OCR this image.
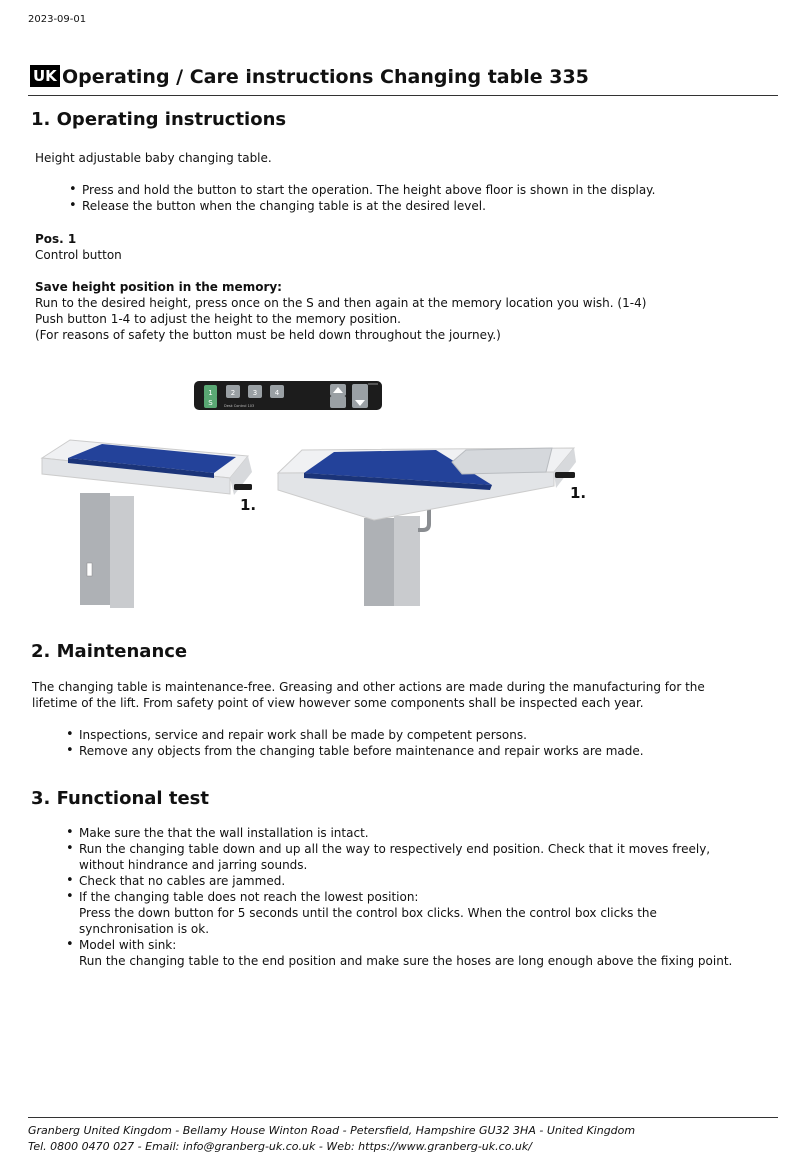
2023-09-01
UK Operating / Care instructions Changing table 335
1. Operating instructions
Height adjustable baby changing table.
• Press and hold the button to start the operation. The height above floor is shown in the display.
• Release the button when the changing table is at the desired level.
Pos. 1
Control button
Save height position in the memory:
Run to the desired height, press once on the S and then again at the memory location you wish. (1-4)
Push button 1-4 to adjust the height to the memory position.
(For reasons of safety the button must be held down throughout the journey.)
1
S
2	3	4
Desk Control 103
1.
1.
2. Maintenance
The changing table is maintenance-free. Greasing and other actions are made during the manufacturing for the
lifetime of the lift. From safety point of view however some components shall be inspected each year.
• Inspections, service and repair work shall be made by competent persons.
• Remove any objects from the changing table before maintenance and repair works are made.
3. Functional test
• Make sure the that the wall installation is intact.
• Run the changing table down and up all the way to respectively end position. Check that it moves freely,
without hindrance and jarring sounds.
• Check that no cables are jammed.
• If the changing table does not reach the lowest position:
Press the down button for 5 seconds until the control box clicks. When the control box clicks the
synchronisation is ok.
• Model with sink:
Run the changing table to the end position and make sure the hoses are long enough above the fixing point.
Granberg United Kingdom - Bellamy House Winton Road - Petersfield, Hampshire GU32 3HA - United Kingdom
Tel. 0800 0470 027 - Email: info@granberg-uk.co.uk - Web: https://www.granberg-uk.co.uk/
